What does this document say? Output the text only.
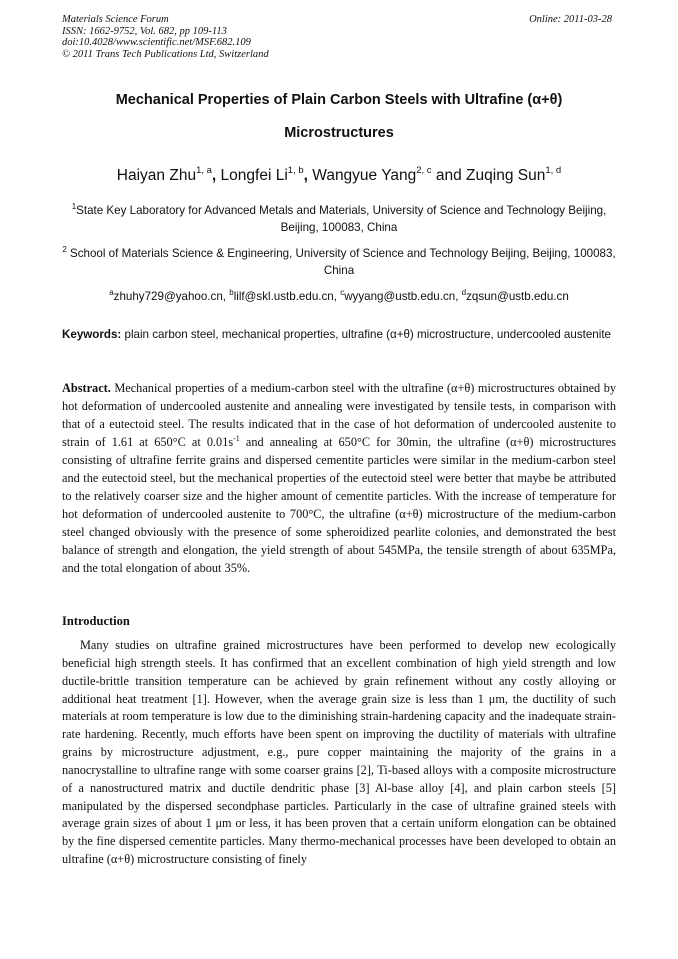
Materials Science Forum
ISSN: 1662-9752, Vol. 682, pp 109-113
doi:10.4028/www.scientific.net/MSF.682.109
© 2011 Trans Tech Publications Ltd, Switzerland
Online: 2011-03-28
Mechanical Properties of Plain Carbon Steels with Ultrafine (α+θ)
Microstructures
Haiyan Zhu$^{1, a}$, Longfei Li$^{1, b}$, Wangyue Yang$^{2, c}$ and Zuqing Sun$^{1, d}$
$^1$State Key Laboratory for Advanced Metals and Materials, University of Science and Technology Beijing, Beijing, 100083, China
$^2$ School of Materials Science & Engineering, University of Science and Technology Beijing, Beijing, 100083, China
$^a$zhuhy729@yahoo.cn, $^b$lilf@skl.ustb.edu.cn, $^c$wyyang@ustb.edu.cn, $^d$zqsun@ustb.edu.cn
Keywords: plain carbon steel, mechanical properties, ultrafine (α+θ) microstructure, undercooled austenite
Abstract. Mechanical properties of a medium-carbon steel with the ultrafine (α+θ) microstructures obtained by hot deformation of undercooled austenite and annealing were investigated by tensile tests, in comparison with that of a eutectoid steel. The results indicated that in the case of hot deformation of undercooled austenite to strain of 1.61 at 650°C at $0.01s^{-1}$ and annealing at 650°C for 30min, the ultrafine (α+θ) microstructures consisting of ultrafine ferrite grains and dispersed cementite particles were similar in the medium-carbon steel and the eutectoid steel, but the mechanical properties of the eutectoid steel were better that maybe be attributed to the relatively coarser size and the higher amount of cementite particles. With the increase of temperature for hot deformation of undercooled austenite to 700°C, the ultrafine (α+θ) microstructure of the medium-carbon steel changed obviously with the presence of some spheroidized pearlite colonies, and demonstrated the best balance of strength and elongation, the yield strength of about 545MPa, the tensile strength of about 635MPa, and the total elongation of about 35%.
Introduction
Many studies on ultrafine grained microstructures have been performed to develop new ecologically beneficial high strength steels. It has confirmed that an excellent combination of high yield strength and low ductile-brittle transition temperature can be achieved by grain refinement without any costly alloying or additional heat treatment [1]. However, when the average grain size is less than 1 μm, the ductility of such materials at room temperature is low due to the diminishing strain-hardening capacity and the inadequate strain-rate hardening. Recently, much efforts have been spent on improving the ductility of materials with ultrafine grains by microstructure adjustment, e.g., pure copper maintaining the majority of the grains in a nanocrystalline to ultrafine range with some coarser grains [2], Ti-based alloys with a composite microstructure of a nanostructured matrix and ductile dendritic phase [3] Al-base alloy [4], and plain carbon steels [5] manipulated by the dispersed secondphase particles. Particularly in the case of ultrafine grained steels with average grain sizes of about 1 μm or less, it has been proven that a certain uniform elongation can be obtained by the fine dispersed cementite particles. Many thermo-mechanical processes have been developed to obtain an ultrafine (α+θ) microstructure consisting of finely
